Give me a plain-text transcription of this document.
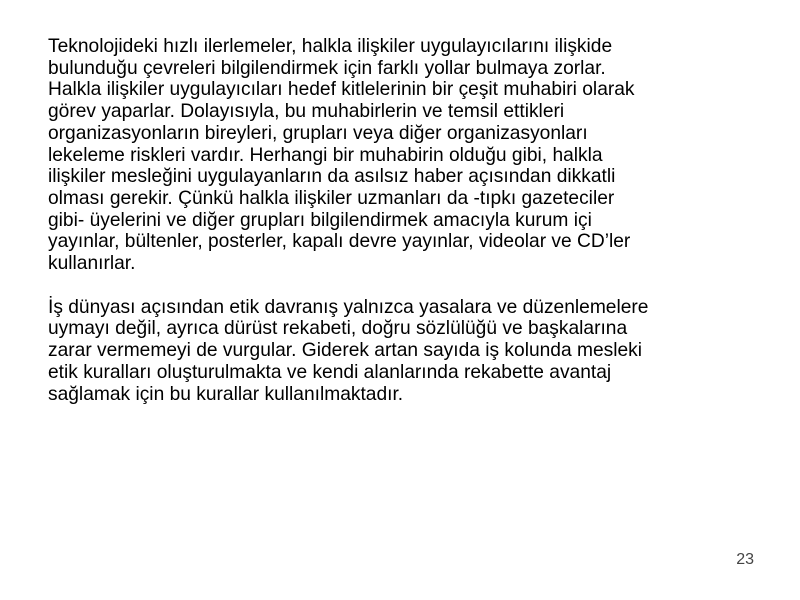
Teknolojideki hızlı ilerlemeler, halkla ilişkiler uygulayıcılarını ilişkide
bulunduğu çevreleri bilgilendirmek için farklı yollar bulmaya zorlar.
Halkla ilişkiler uygulayıcıları hedef kitlelerinin bir çeşit muhabiri olarak
görev yaparlar. Dolayısıyla, bu muhabirlerin ve temsil ettikleri
organizasyonların bireyleri, grupları veya diğer organizasyonları
lekeleme riskleri vardır. Herhangi bir muhabirin olduğu gibi, halkla
ilişkiler mesleğini uygulayanların da asılsız haber açısından dikkatli
olması gerekir. Çünkü halkla ilişkiler uzmanları da -tıpkı gazeteciler
gibi- üyelerini ve diğer grupları bilgilendirmek amacıyla kurum içi
yayınlar, bültenler, posterler, kapalı devre yayınlar, videolar ve CD’ler
kullanırlar.

İş dünyası açısından etik davranış yalnızca yasalara ve düzenlemelere
uymayı değil, ayrıca dürüst rekabeti, doğru sözlülüğü ve başkalarına
zarar vermemeyi de vurgular. Giderek artan sayıda iş kolunda mesleki
etik kuralları oluşturulmakta ve kendi alanlarında rekabette avantaj
sağlamak için bu kurallar kullanılmaktadır.

23
